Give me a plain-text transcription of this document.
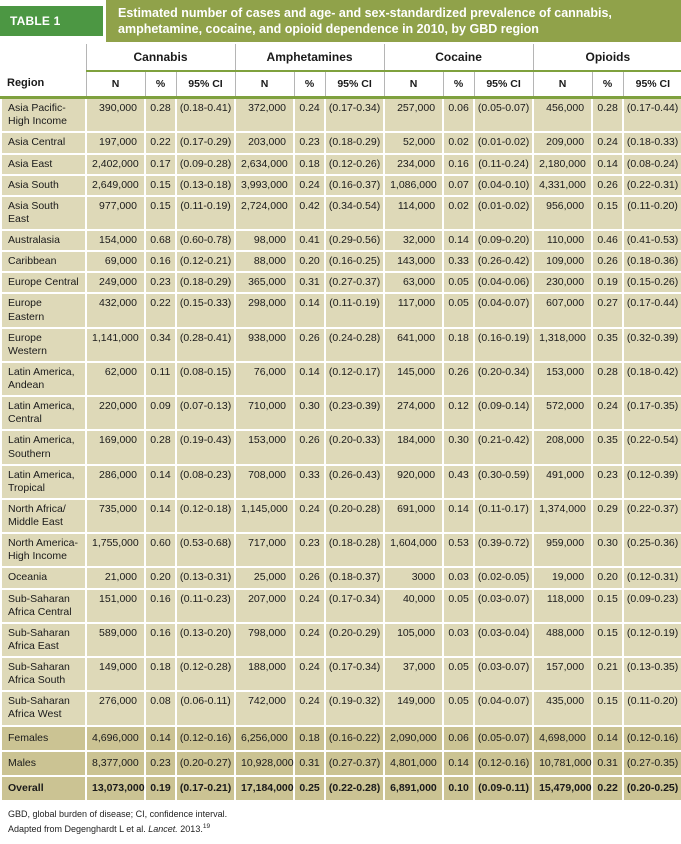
TABLE 1
Estimated number of cases and age- and sex-standardized prevalence of cannabis, amphetamine, cocaine, and opioid dependence in 2010, by GBD region
Region	Cannabis			Amphetamines			Cocaine			Opioids		
	N	%	95% CI	N	%	95% CI	N	%	95% CI	N	%	95% CI
Asia Pacific-High Income	390,000	0.28	(0.18-0.41)	372,000	0.24	(0.17-0.34)	257,000	0.06	(0.05-0.07)	456,000	0.28	(0.17-0.44)
Asia Central	197,000	0.22	(0.17-0.29)	203,000	0.23	(0.18-0.29)	52,000	0.02	(0.01-0.02)	209,000	0.24	(0.18-0.33)
Asia East	2,402,000	0.17	(0.09-0.28)	2,634,000	0.18	(0.12-0.26)	234,000	0.16	(0.11-0.24)	2,180,000	0.14	(0.08-0.24)
Asia South	2,649,000	0.15	(0.13-0.18)	3,993,000	0.24	(0.16-0.37)	1,086,000	0.07	(0.04-0.10)	4,331,000	0.26	(0.22-0.31)
Asia South East	977,000	0.15	(0.11-0.19)	2,724,000	0.42	(0.34-0.54)	114,000	0.02	(0.01-0.02)	956,000	0.15	(0.11-0.20)
Australasia	154,000	0.68	(0.60-0.78)	98,000	0.41	(0.29-0.56)	32,000	0.14	(0.09-0.20)	110,000	0.46	(0.41-0.53)
Caribbean	69,000	0.16	(0.12-0.21)	88,000	0.20	(0.16-0.25)	143,000	0.33	(0.26-0.42)	109,000	0.26	(0.18-0.36)
Europe Central	249,000	0.23	(0.18-0.29)	365,000	0.31	(0.27-0.37)	63,000	0.05	(0.04-0.06)	230,000	0.19	(0.15-0.26)
Europe Eastern	432,000	0.22	(0.15-0.33)	298,000	0.14	(0.11-0.19)	117,000	0.05	(0.04-0.07)	607,000	0.27	(0.17-0.44)
Europe Western	1,141,000	0.34	(0.28-0.41)	938,000	0.26	(0.24-0.28)	641,000	0.18	(0.16-0.19)	1,318,000	0.35	(0.32-0.39)
Latin America, Andean	62,000	0.11	(0.08-0.15)	76,000	0.14	(0.12-0.17)	145,000	0.26	(0.20-0.34)	153,000	0.28	(0.18-0.42)
Latin America, Central	220,000	0.09	(0.07-0.13)	710,000	0.30	(0.23-0.39)	274,000	0.12	(0.09-0.14)	572,000	0.24	(0.17-0.35)
Latin America, Southern	169,000	0.28	(0.19-0.43)	153,000	0.26	(0.20-0.33)	184,000	0.30	(0.21-0.42)	208,000	0.35	(0.22-0.54)
Latin America, Tropical	286,000	0.14	(0.08-0.23)	708,000	0.33	(0.26-0.43)	920,000	0.43	(0.30-0.59)	491,000	0.23	(0.12-0.39)
North Africa/ Middle East	735,000	0.14	(0.12-0.18)	1,145,000	0.24	(0.20-0.28)	691,000	0.14	(0.11-0.17)	1,374,000	0.29	(0.22-0.37)
North America-High Income	1,755,000	0.60	(0.53-0.68)	717,000	0.23	(0.18-0.28)	1,604,000	0.53	(0.39-0.72)	959,000	0.30	(0.25-0.36)
Oceania	21,000	0.20	(0.13-0.31)	25,000	0.26	(0.18-0.37)	3000	0.03	(0.02-0.05)	19,000	0.20	(0.12-0.31)
Sub-Saharan Africa Central	151,000	0.16	(0.11-0.23)	207,000	0.24	(0.17-0.34)	40,000	0.05	(0.03-0.07)	118,000	0.15	(0.09-0.23)
Sub-Saharan Africa East	589,000	0.16	(0.13-0.20)	798,000	0.24	(0.20-0.29)	105,000	0.03	(0.03-0.04)	488,000	0.15	(0.12-0.19)
Sub-Saharan Africa South	149,000	0.18	(0.12-0.28)	188,000	0.24	(0.17-0.34)	37,000	0.05	(0.03-0.07)	157,000	0.21	(0.13-0.35)
Sub-Saharan Africa West	276,000	0.08	(0.06-0.11)	742,000	0.24	(0.19-0.32)	149,000	0.05	(0.04-0.07)	435,000	0.15	(0.11-0.20)
Females	4,696,000	0.14	(0.12-0.16)	6,256,000	0.18	(0.16-0.22)	2,090,000	0.06	(0.05-0.07)	4,698,000	0.14	(0.12-0.16)
Males	8,377,000	0.23	(0.20-0.27)	10,928,000	0.31	(0.27-0.37)	4,801,000	0.14	(0.12-0.16)	10,781,000	0.31	(0.27-0.35)
Overall	13,073,000	0.19	(0.17-0.21)	17,184,000	0.25	(0.22-0.28)	6,891,000	0.10	(0.09-0.11)	15,479,000	0.22	(0.20-0.25)
GBD, global burden of disease; CI, confidence interval.
Adapted from Degenghardt L et al. Lancet. 2013.19
